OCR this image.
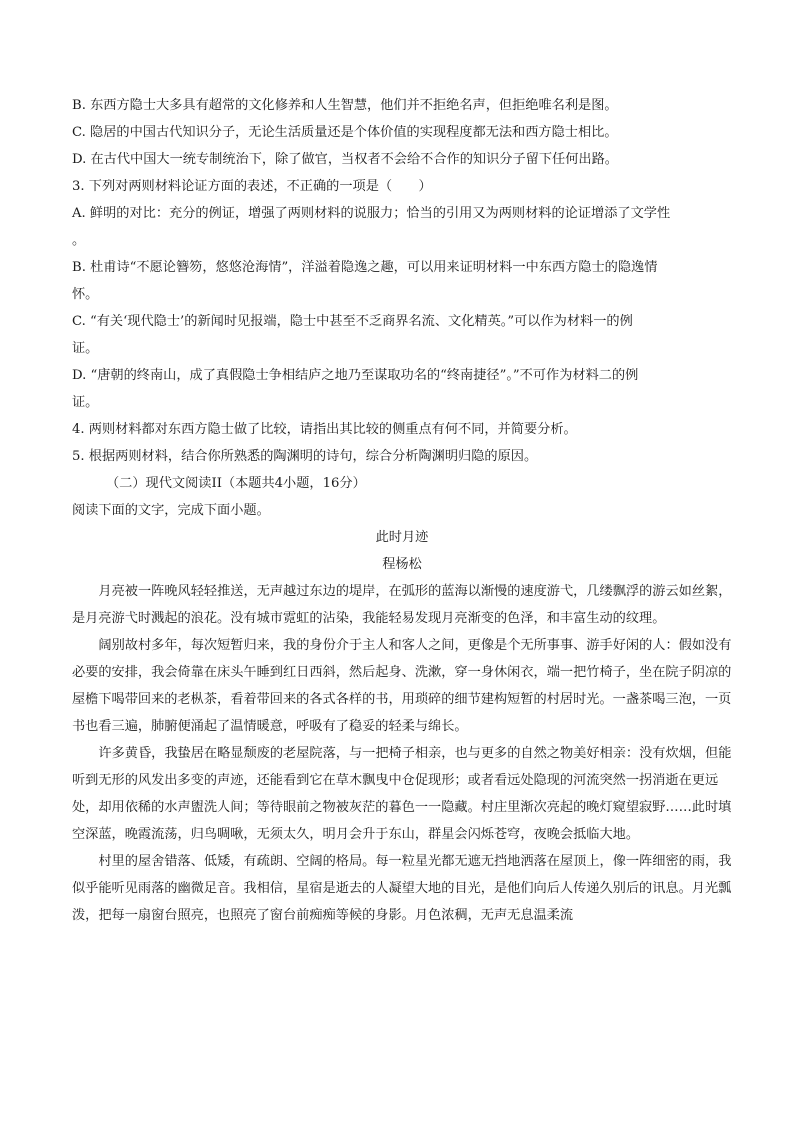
B. 东西方隐士大多具有超常的文化修养和人生智慧，他们并不拒绝名声，但拒绝唯名利是图。

C. 隐居的中国古代知识分子，无论生活质量还是个体价值的实现程度都无法和西方隐士相比。

D. 在古代中国大一统专制统治下，除了做官，当权者不会给不合作的知识分子留下任何出路。

3. 下列对两则材料论证方面的表述，不正确的一项是（　　）

A. 鲜明的对比：充分的例证，增强了两则材料的说服力；恰当的引用又为两则材料的论证增添了文学性

。

B. 杜甫诗“不愿论簪笏，悠悠沧海情”，洋溢着隐逸之趣，可以用来证明材料一中东西方隐士的隐逸情

怀。

C. “有关‘现代隐士’的新闻时见报端，隐士中甚至不乏商界名流、文化精英。”可以作为材料一的例

证。

D. “唐朝的终南山，成了真假隐士争相结庐之地乃至谋取功名的“终南捷径”。”不可作为材料二的例

证。

4. 两则材料都对东西方隐士做了比较，请指出其比较的侧重点有何不同，并简要分析。

5. 根据两则材料，结合你所熟悉的陶渊明的诗句，综合分析陶渊明归隐的原因。

（二）现代文阅读II（本题共4小题，16分）

阅读下面的文字，完成下面小题。

此时月迹

程杨松

月亮被一阵晚风轻轻推送，无声越过东边的堤岸，在弧形的蓝海以渐慢的速度游弋，几缕飘浮的游云如丝絮，是月亮游弋时溅起的浪花。没有城市霓虹的沾染，我能轻易发现月亮渐变的色泽，和丰富生动的纹理。

阔别故村多年，每次短暂归来，我的身份介于主人和客人之间，更像是个无所事事、游手好闲的人：假如没有必要的安排，我会倚靠在床头午睡到红日西斜，然后起身、洗漱，穿一身休闲衣，端一把竹椅子，坐在院子阴凉的屋檐下喝带回来的老枞茶，看着带回来的各式各样的书，用琐碎的细节建构短暂的村居时光。一盏茶喝三泡，一页书也看三遍，肺腑便涌起了温情暖意，呼吸有了稳妥的轻柔与绵长。

许多黄昏，我蛰居在略显颓废的老屋院落，与一把椅子相亲，也与更多的自然之物美好相亲：没有炊烟，但能听到无形的风发出多变的声迹，还能看到它在草木飘曳中仓促现形；或者看远处隐现的河流突然一拐消逝在更远处，却用依稀的水声盥洗人间；等待眼前之物被灰茫的暮色一一隐藏。村庄里渐次亮起的晚灯窥望寂野……此时填空深蓝，晚霞流荡，归鸟啁啾，无须太久，明月会升于东山，群星会闪烁苍穹，夜晚会抵临大地。

村里的屋舍错落、低矮，有疏朗、空阔的格局。每一粒星光都无遮无挡地洒落在屋顶上，像一阵细密的雨，我似乎能听见雨落的幽微足音。我相信，星宿是逝去的人凝望大地的目光，是他们向后人传递久别后的讯息。月光瓢泼，把每一扇窗台照亮，也照亮了窗台前痴痴等候的身影。月色浓稠，无声无息温柔流
